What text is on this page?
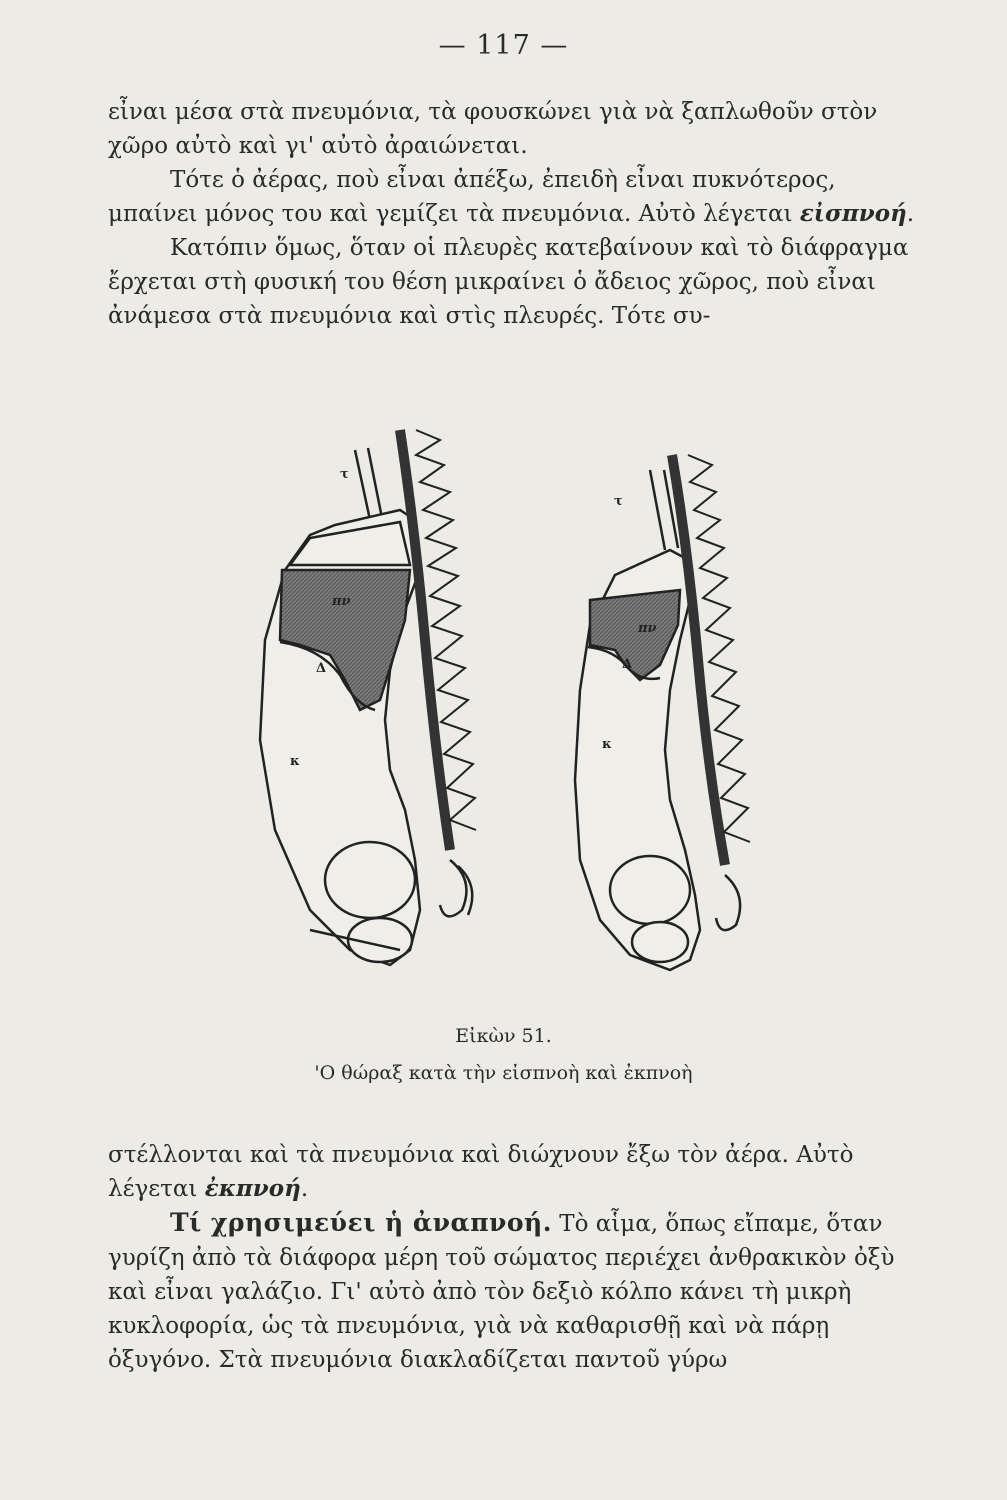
— 117 —

εἶναι μέσα στὰ πνευμόνια, τὰ φουσκώνει γιὰ νὰ ξαπλωθοῦν στὸν χῶρο αὐτὸ καὶ γι' αὐτὸ ἀραιώνεται.

Τότε ὁ ἀέρας, ποὺ εἶναι ἀπέξω, ἐπειδὴ εἶναι πυκνότερος, μπαίνει μόνος του καὶ γεμίζει τὰ πνευμόνια. Αὐτὸ λέγεται εἰσπνοή.

Κατόπιν ὅμως, ὅταν οἱ πλευρὲς κατεβαίνουν καὶ τὸ διάφραγμα ἔρχεται στὴ φυσική του θέση μικραίνει ὁ ἄδειος χῶρος, ποὺ εἶναι ἀνάμεσα στὰ πνευμόνια καὶ στὶς πλευρές. Τότε συ-

τ
πν
Δ
κ
τ
πν
Δ
κ
Εἰκὼν 51.
'Ο θώραξ κατὰ τὴν εἰσπνοὴ καὶ ἐκπνοὴ

στέλλονται καὶ τὰ πνευμόνια καὶ διώχνουν ἔξω τὸν ἀέρα. Αὐτὸ λέγεται ἐκπνοή.

Τί χρησιμεύει ἡ ἀναπνοή. Τὸ αἷμα, ὅπως εἴπαμε, ὅταν γυρίζη ἀπὸ τὰ διάφορα μέρη τοῦ σώματος περιέχει ἀνθρακικὸν ὀξὺ καὶ εἶναι γαλάζιο. Γι' αὐτὸ ἀπὸ τὸν δεξιὸ κόλπο κάνει τὴ μικρὴ κυκλοφορία, ὡς τὰ πνευμόνια, γιὰ νὰ καθαρισθῇ καὶ νὰ πάρῃ ὀξυγόνο. Στὰ πνευμόνια διακλαδίζεται παντοῦ γύρω
